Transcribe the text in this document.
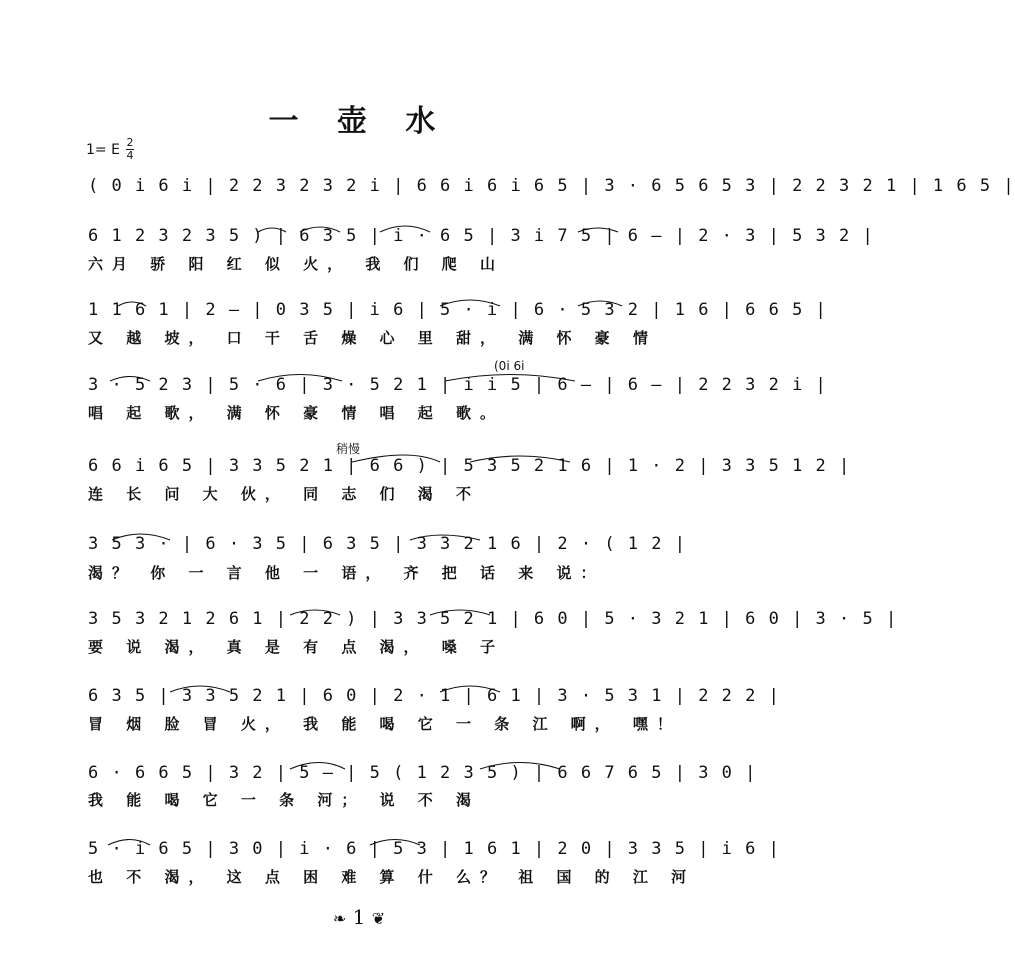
一 壶 水
1= E $\frac{2}{4}$
( 0 i 6 i | 2 2 3 2 3 2 i | 6 6 i 6 i 6 5 | 3 · 6 5 6 5 3 | 2 2 3 2 1 | 1 6 5 |
6 1 2 3 2 3 5 ) | 6 3 5 | i · 6 5 | 3 i 7 5 | 6 — | 2 · 3 | 5 3 2 |
六月 骄 阳 红 似 火， 我 们 爬 山
1 1 6 1 | 2 — | 0 3 5 | i 6 | 5 · i | 6 · 5 3 2 | 1 6 | 6 6 5 |
又 越 坡， 口 干 舌 燥 心 里 甜， 满 怀 豪 情
(0i 6i
3 · 5 2 3 | 5 · 6 | 3 · 5 2 1 | i i 5 | 6 — | 6 — | 2 2 3 2 i |
唱 起 歌， 满 怀 豪 情 唱 起 歌。
稍慢
6 6 i 6 5 | 3 3 5 2 1 | 6 6 ) | 5 3 5 2 1 6 | 1 · 2 | 3 3 5 1 2 |
连 长 问 大 伙， 同 志 们 渴 不
3 5 3 · | 6 · 3 5 | 6 3 5 | 3 3 2 1 6 | 2 · ( 1 2 |
渴？ 你 一 言 他 一 语， 齐 把 话 来 说：
3 5 3 2 1 2 6 1 | 2 2 ) | 3 3 5 2 1 | 6 0 | 5 · 3 2 1 | 6 0 | 3 · 5 |
要 说 渴， 真 是 有 点 渴， 嗓 子
6 3 5 | 3 3 5 2 1 | 6 0 | 2 · 1 | 6 1 | 3 · 5 3 1 | 2 2 2 |
冒 烟 脸 冒 火， 我 能 喝 它 一 条 江 啊， 嘿！
6 · 6 6 5 | 3 2 | 5 — | 5 ( 1 2 3 5 ) | 6 6 7 6 5 | 3 0 |
我 能 喝 它 一 条 河； 说 不 渴
5 · i 6 5 | 3 0 | i · 6 | 5 3 | 1 6 1 | 2 0 | 3 3 5 | i 6 |
也 不 渴， 这 点 困 难 算 什 么？ 祖 国 的 江 河
❧ 1 ❦
